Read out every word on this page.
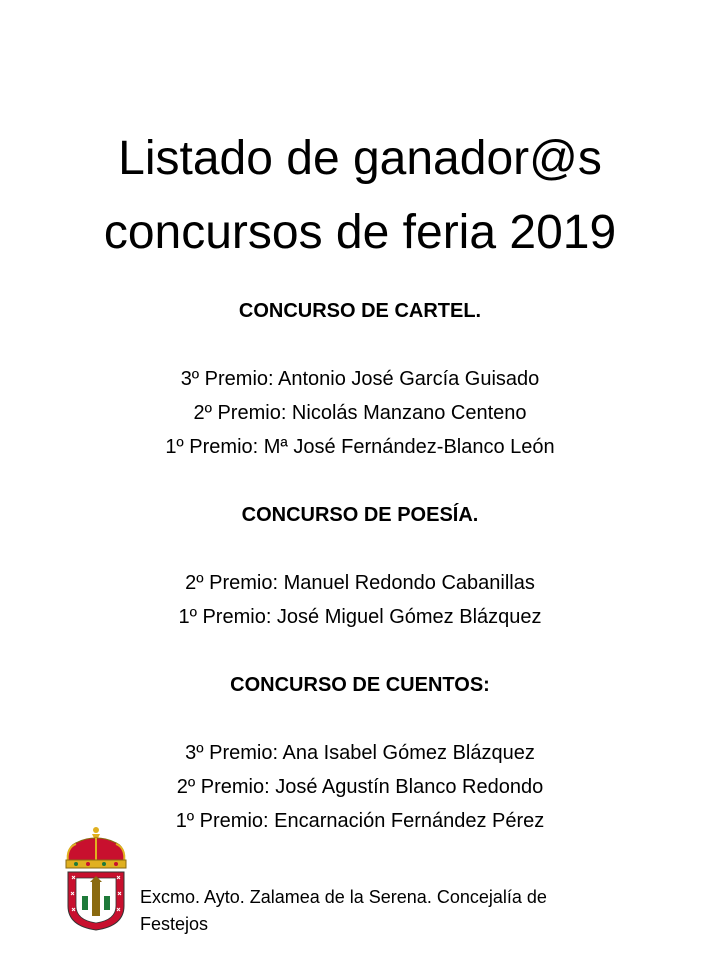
Listado de ganador@s
concursos de feria 2019
CONCURSO DE CARTEL.
3º Premio: Antonio José García Guisado
2º Premio: Nicolás Manzano Centeno
1º Premio: Mª José Fernández-Blanco León
CONCURSO DE POESÍA.
2º Premio: Manuel Redondo Cabanillas
1º Premio: José Miguel Gómez Blázquez
CONCURSO DE CUENTOS:
3º Premio: Ana Isabel Gómez Blázquez
2º Premio: José Agustín Blanco Redondo
1º Premio: Encarnación Fernández Pérez
Excmo. Ayto. Zalamea de la Serena. Concejalía de
Festejos
